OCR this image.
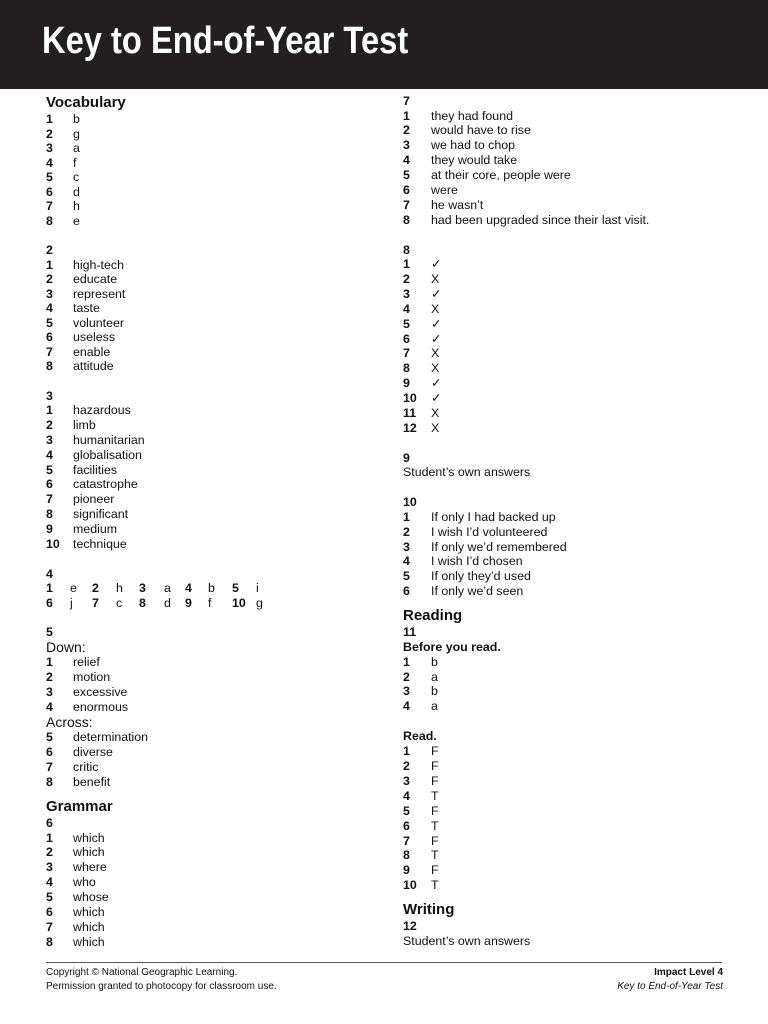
Key to End-of-Year Test
Vocabulary
1 b
2 g
3 a
4 f
5 c
6 d
7 h
8 e
2
1 high-tech
2 educate
3 represent
4 taste
5 volunteer
6 useless
7 enable
8 attitude
3
1 hazardous
2 limb
3 humanitarian
4 globalisation
5 facilities
6 catastrophe
7 pioneer
8 significant
9 medium
10 technique
4
1 e 2 h 3 a 4 b 5 i
6 j 7 c 8 d 9 f 10 g
5
Down:
1 relief
2 motion
3 excessive
4 enormous
Across:
5 determination
6 diverse
7 critic
8 benefit
Grammar
6
1 which
2 which
3 where
4 who
5 whose
6 which
7 which
8 which
7
1 they had found
2 would have to rise
3 we had to chop
4 they would take
5 at their core, people were
6 were
7 he wasn’t
8 had been upgraded since their last visit.
8
1 ✓
2 X
3 ✓
4 X
5 ✓
6 ✓
7 X
8 X
9 ✓
10 ✓
11 X
12 X
9
Student’s own answers
10
1 If only I had backed up
2 I wish I’d volunteered
3 If only we’d remembered
4 I wish I’d chosen
5 If only they’d used
6 If only we’d seen
Reading
11
Before you read.
1 b
2 a
3 b
4 a
Read.
1 F
2 F
3 F
4 T
5 F
6 T
7 F
8 T
9 F
10 T
Writing
12
Student’s own answers
Copyright © National Geographic Learning.
Permission granted to photocopy for classroom use.
Impact Level 4
Key to End-of-Year Test
